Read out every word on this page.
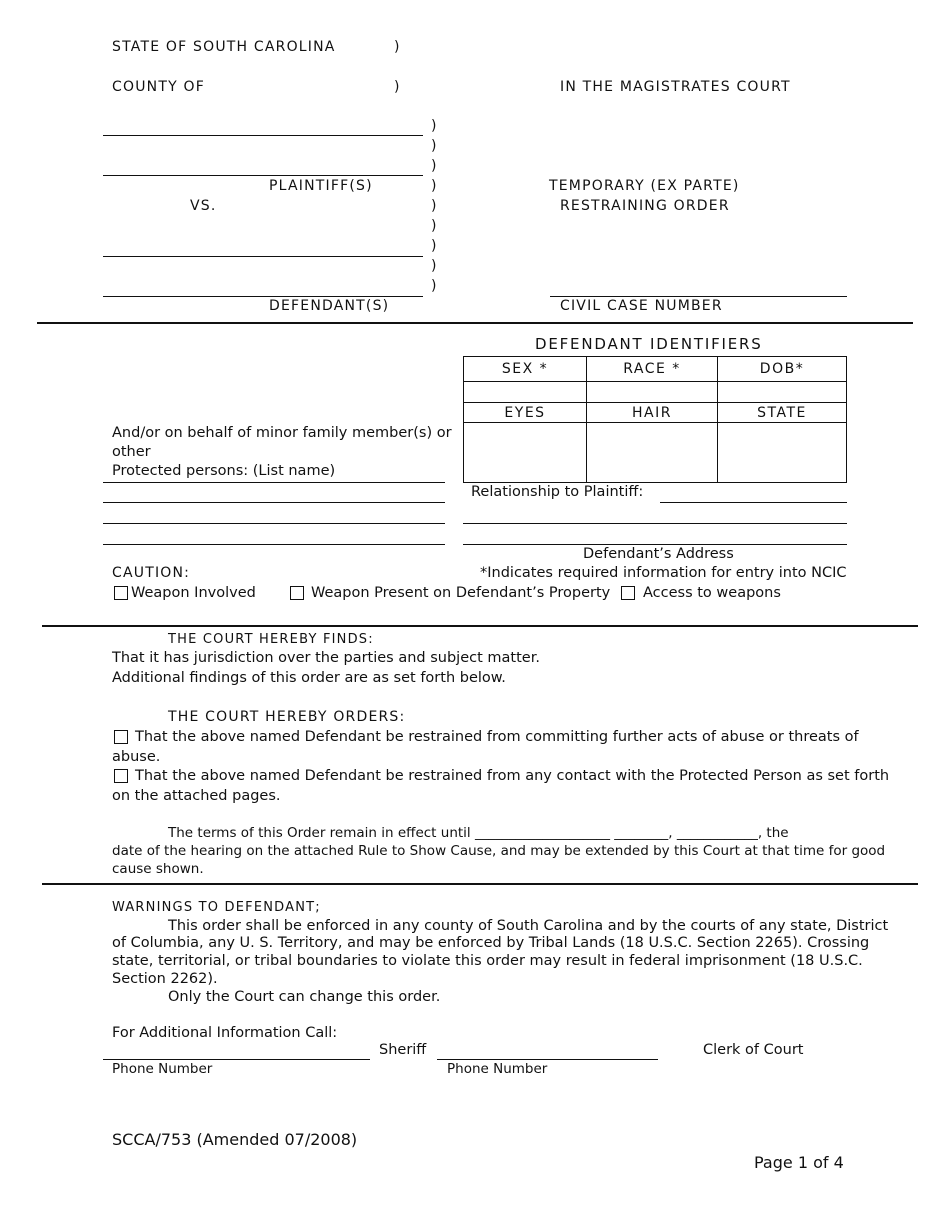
STATE OF SOUTH CAROLINA	)
COUNTY OF	)	IN THE MAGISTRATES COURT
PLAINTIFF(S)
VS.
DEFENDANT(S)
)
)
)
)
)
)
)
)
)
TEMPORARY (EX PARTE)
RESTRAINING ORDER
CIVIL CASE NUMBER
DEFENDANT IDENTIFIERS
SEX *	RACE *	DOB*

EYES	HAIR	STATE

And/or on behalf of minor family member(s) or
other
Protected persons: (List name)
Relationship to Plaintiff:
Defendant’s Address
*Indicates required information for entry into NCIC
CAUTION:
Weapon Involved	Weapon Present on Defendant’s Property Access to weapons
THE COURT HEREBY FINDS:
That it has jurisdiction over the parties and subject matter.
Additional findings of this order are as set forth below.
THE COURT HEREBY ORDERS:
That the above named Defendant be restrained from committing further acts of abuse or threats of
abuse.
That the above named Defendant be restrained from any contact with the Protected Person as set forth
on the attached pages.
The terms of this Order remain in effect until ____________________ ________, ____________, the
date of the hearing on the attached Rule to Show Cause, and may be extended by this Court at that time for good
cause shown.
WARNINGS TO DEFENDANT;
This order shall be enforced in any county of South Carolina and by the courts of any state, District
of Columbia, any U. S. Territory, and may be enforced by Tribal Lands (18 U.S.C. Section 2265). Crossing
state, territorial, or tribal boundaries to violate this order may result in federal imprisonment (18 U.S.C.
Section 2262).
Only the Court can change this order.
For Additional Information Call:
Sheriff	Clerk of Court
Phone Number	Phone Number
SCCA/753 (Amended 07/2008)
Page 1 of 4
